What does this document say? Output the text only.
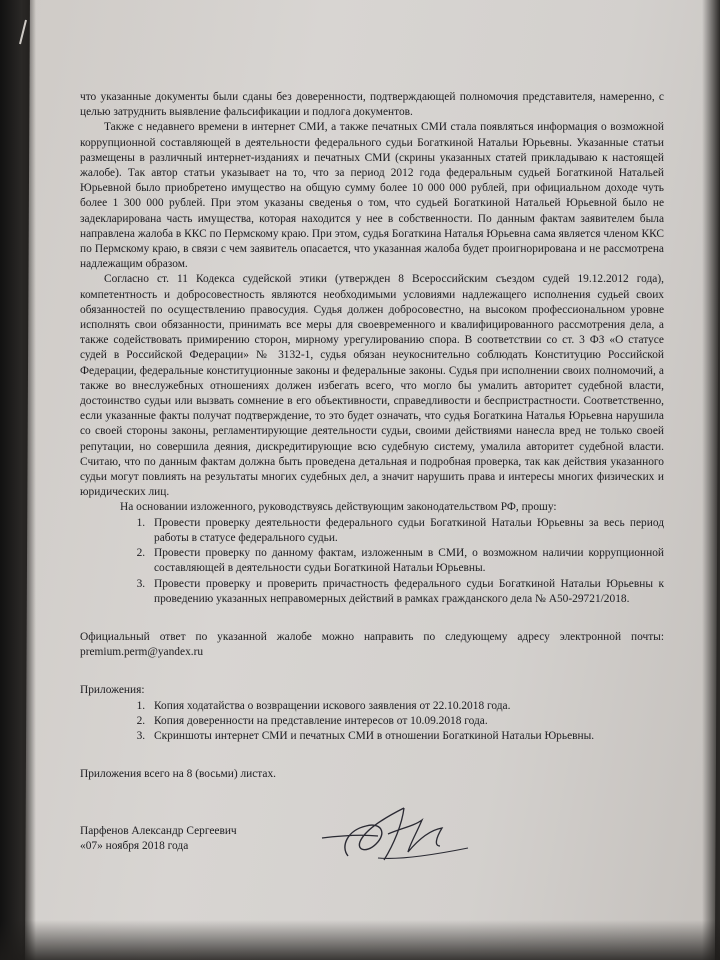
что указанные документы были сданы без доверенности, подтверждающей полномочия представителя, намеренно, с целью затруднить выявление фальсификации и подлога документов.

Также с недавнего времени в интернет СМИ, а также печатных СМИ стала появляться информация о возможной коррупционной составляющей в деятельности федерального судьи Богаткиной Натальи Юрьевны. Указанные статьи размещены в различный интернет-изданиях и печатных СМИ (скрины указанных статей прикладываю к настоящей жалобе). Так автор статьи указывает на то, что за период 2012 года федеральным судьей Богаткиной Натальей Юрьевной было приобретено имущество на общую сумму более 10 000 000 рублей, при официальном доходе чуть более 1 300 000 рублей. При этом указаны сведенья о том, что судьей Богаткиной Натальей Юрьевной было не задекларирована часть имущества, которая находится у нее в собственности. По данным фактам заявителем была направлена жалоба в ККС по Пермскому краю. При этом, судья Богаткина Наталья Юрьевна сама является членом ККС по Пермскому краю, в связи с чем заявитель опасается, что указанная жалоба будет проигнорирована и не рассмотрена надлежащим образом.

Согласно ст. 11 Кодекса судейской этики (утвержден 8 Всероссийским съездом судей 19.12.2012 года), компетентность и добросовестность являются необходимыми условиями надлежащего исполнения судьей своих обязанностей по осуществлению правосудия. Судья должен добросовестно, на высоком профессиональном уровне исполнять свои обязанности, принимать все меры для своевременного и квалифицированного рассмотрения дела, а также содействовать примирению сторон, мирному урегулированию спора. В соответствии со ст. 3 ФЗ «О статусе судей в Российской Федерации» № 3132-1, судья обязан неукоснительно соблюдать Конституцию Российской Федерации, федеральные конституционные законы и федеральные законы. Судья при исполнении своих полномочий, а также во внеслужебных отношениях должен избегать всего, что могло бы умалить авторитет судебной власти, достоинство судьи или вызвать сомнение в его объективности, справедливости и беспристрастности. Соответственно, если указанные факты получат подтверждение, то это будет означать, что судья Богаткина Наталья Юрьевна нарушила со своей стороны законы, регламентирующие деятельности судьи, своими действиями нанесла вред не только своей репутации, но совершила деяния, дискредитирующие всю судебную систему, умалила авторитет судебной власти. Считаю, что по данным фактам должна быть проведена детальная и подробная проверка, так как действия указанного судьи могут повлиять на результаты многих судебных дел, а значит нарушить права и интересы многих физических и юридических лиц.

На основании изложенного, руководствуясь действующим законодательством РФ, прошу:

1. Провести проверку деятельности федерального судьи Богаткиной Натальи Юрьевны за весь период работы в статусе федерального судьи.
2. Провести проверку по данному фактам, изложенным в СМИ, о возможном наличии коррупционной составляющей в деятельности судьи Богаткиной Натальи Юрьевны.
3. Провести проверку и проверить причастность федерального судьи Богаткиной Натальи Юрьевны к проведению указанных неправомерных действий в рамках гражданского дела № А50-29721/2018.

Официальный ответ по указанной жалобе можно направить по следующему адресу электронной почты: premium.perm@yandex.ru

Приложения:

1. Копия ходатайства о возвращении искового заявления от 22.10.2018 года.
2. Копия доверенности на представление интересов от 10.09.2018 года.
3. Скриншоты интернет СМИ и печатных СМИ в отношении Богаткиной Натальи Юрьевны.

Приложения всего на 8 (восьми) листах.

Парфенов Александр Сергеевич
«07» ноября 2018 года
